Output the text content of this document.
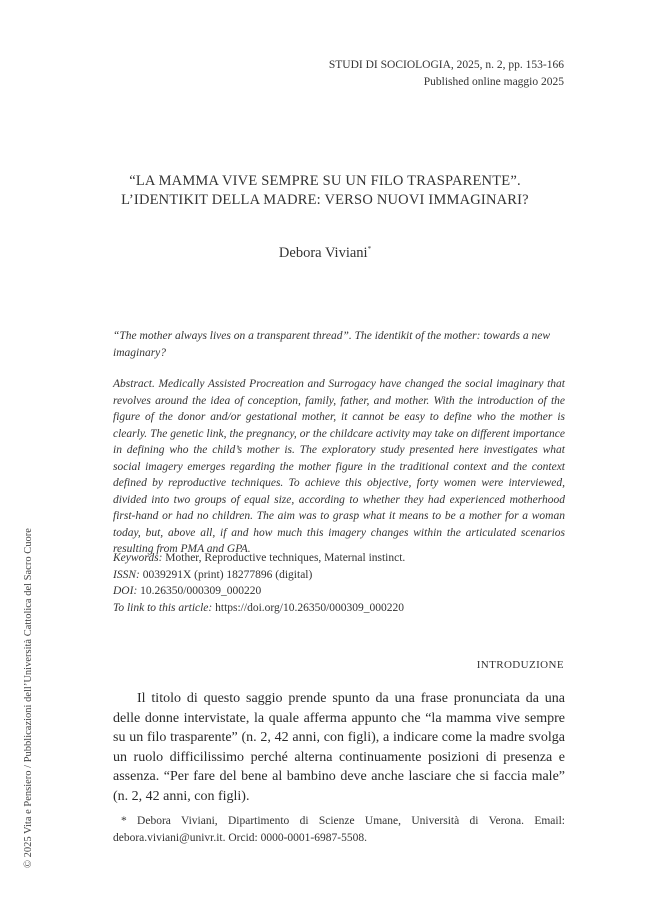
STUDI DI SOCIOLOGIA, 2025, n. 2, pp. 153-166
Published online maggio 2025
“LA MAMMA VIVE SEMPRE SU UN FILO TRASPARENTE”.
L’IDENTIKIT DELLA MADRE: VERSO NUOVI IMMAGINARI?
Debora Viviani*
“The mother always lives on a transparent thread”. The identikit of the mother: towards a new imaginary?
Abstract. Medically Assisted Procreation and Surrogacy have changed the social imaginary that revolves around the idea of conception, family, father, and mother. With the introduction of the figure of the donor and/or gestational mother, it cannot be easy to define who the mother is clearly. The genetic link, the pregnancy, or the childcare activity may take on different importance in defining who the child’s mother is. The exploratory study presented here investigates what social imagery emerges regarding the mother figure in the traditional context and the context defined by reproductive techniques. To achieve this objective, forty women were interviewed, divided into two groups of equal size, according to whether they had experienced motherhood first-hand or had no children. The aim was to grasp what it means to be a mother for a woman today, but, above all, if and how much this imagery changes within the articulated scenarios resulting from PMA and GPA.
Keywords: Mother, Reproductive techniques, Maternal instinct.
ISSN: 0039291X (print) 18277896 (digital)
DOI: 10.26350/000309_000220
To link to this article: https://doi.org/10.26350/000309_000220
INTRODUZIONE
Il titolo di questo saggio prende spunto da una frase pronunciata da una delle donne intervistate, la quale afferma appunto che “la mamma vive sempre su un filo trasparente” (n. 2, 42 anni, con figli), a indicare come la madre svolga un ruolo difficilissimo perché alterna continuamente posizioni di presenza e assenza. “Per fare del bene al bambino deve anche lasciare che si faccia male” (n. 2, 42 anni, con figli).
* Debora Viviani, Dipartimento di Scienze Umane, Università di Verona. Email: debora.viviani@univr.it. Orcid: 0000-0001-6987-5508.
© 2025 Vita e Pensiero / Pubblicazioni dell’Università Cattolica del Sacro Cuore
